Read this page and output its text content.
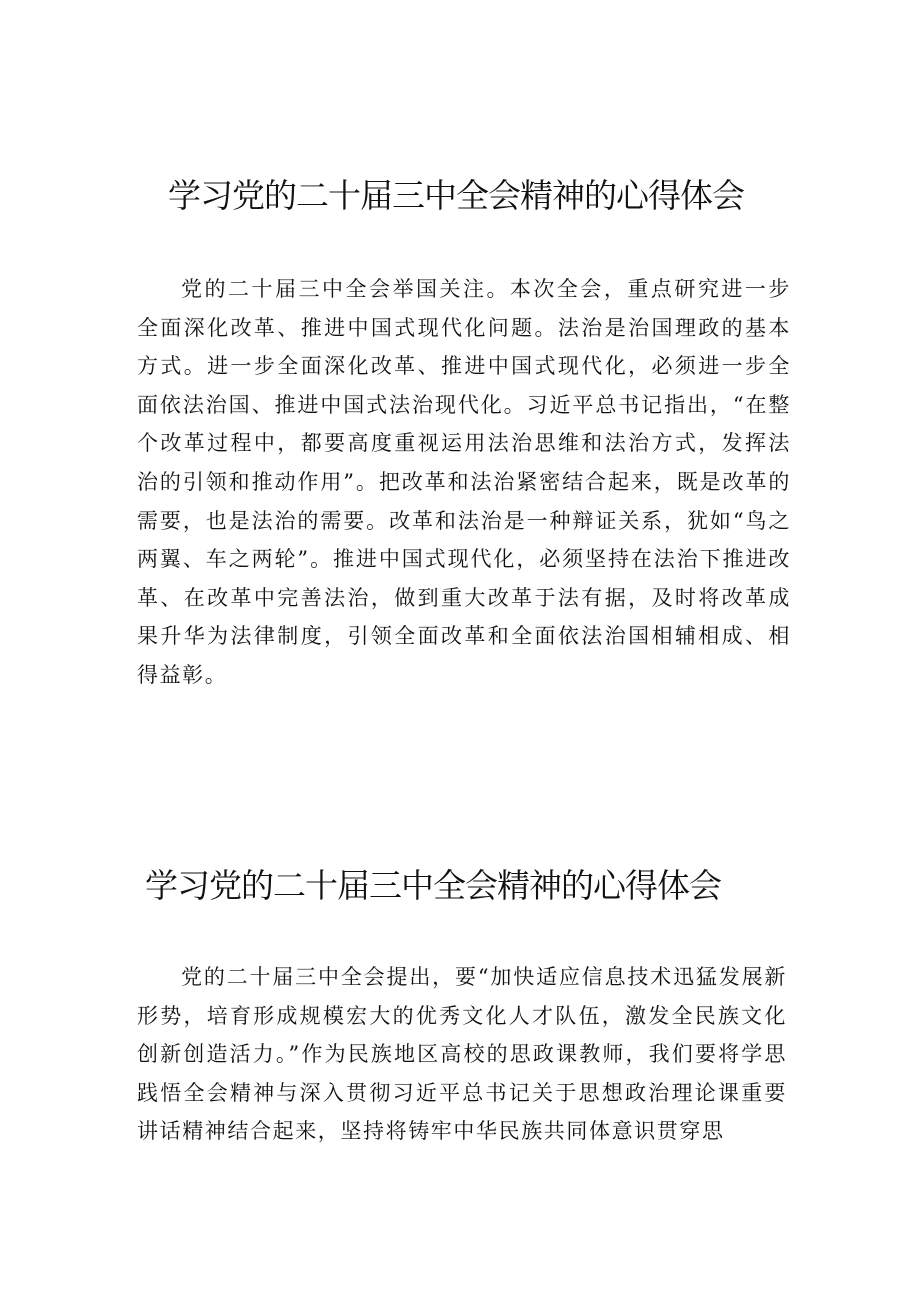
学习党的二十届三中全会精神的心得体会

党的二十届三中全会举国关注。本次全会，重点研究进一步全面深化改革、推进中国式现代化问题。法治是治国理政的基本方式。进一步全面深化改革、推进中国式现代化，必须进一步全面依法治国、推进中国式法治现代化。习近平总书记指出，“在整个改革过程中，都要高度重视运用法治思维和法治方式，发挥法治的引领和推动作用”。把改革和法治紧密结合起来，既是改革的需要，也是法治的需要。改革和法治是一种辩证关系，犹如“鸟之两翼、车之两轮”。推进中国式现代化，必须坚持在法治下推进改革、在改革中完善法治，做到重大改革于法有据，及时将改革成果升华为法律制度，引领全面改革和全面依法治国相辅相成、相得益彰。

学习党的二十届三中全会精神的心得体会

党的二十届三中全会提出，要“加快适应信息技术迅猛发展新形势，培育形成规模宏大的优秀文化人才队伍，激发全民族文化创新创造活力。”作为民族地区高校的思政课教师，我们要将学思践悟全会精神与深入贯彻习近平总书记关于思想政治理论课重要讲话精神结合起来，坚持将铸牢中华民族共同体意识贯穿思
